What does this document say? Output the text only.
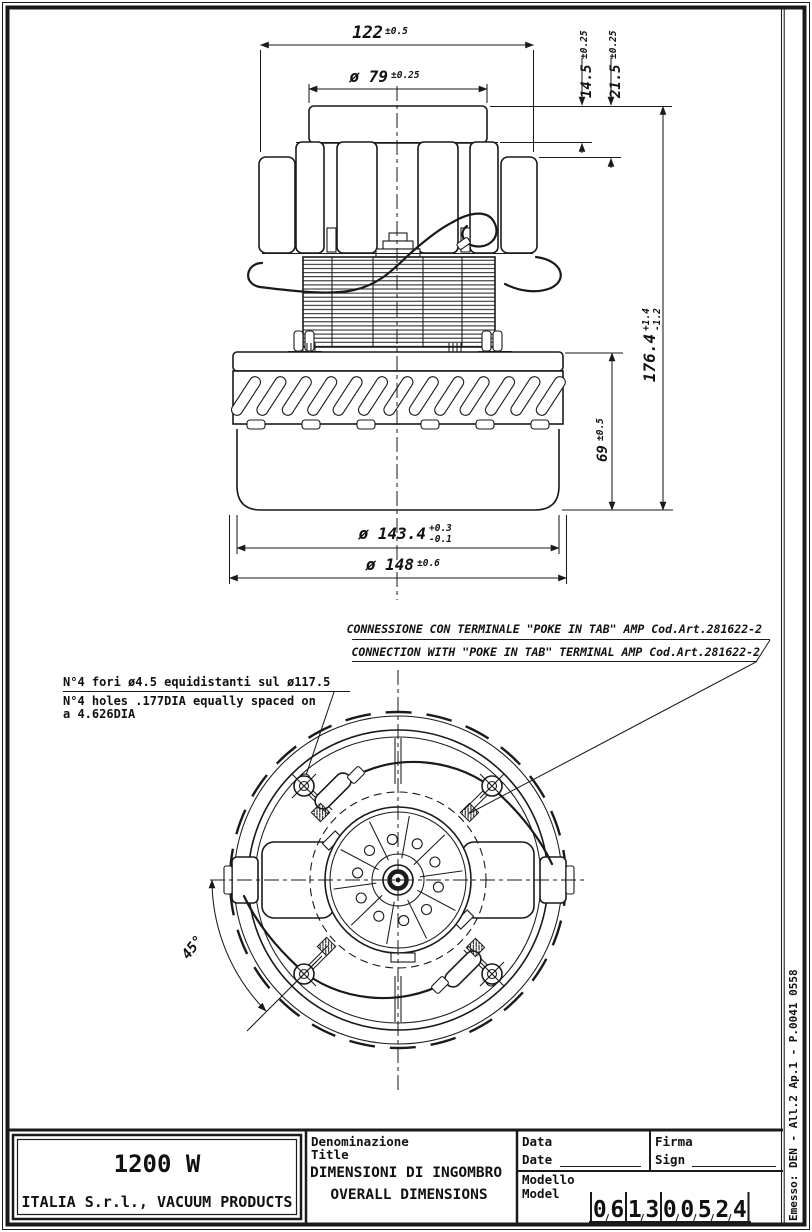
122 ±0.5
ø 79 ±0.25	14.5
±0.25
21.5
±0.25
176.4
+1.4 -1.2
69
±0.5
ø 143.4 +0.3
-0.1
ø 148 ±0.6
CONNESSIONE CON TERMINALE "POKE IN TAB" AMP Cod.Art.281622-2
CONNECTION WITH "POKE IN TAB" TERMINAL AMP Cod.Art.281622-2
N°4 fori ø4.5 equidistanti sul ø117.5
N°4 holes .177DIA equally spaced on
a 4.626DIA
45°
1200 W
ITALIA S.r.l., VACUUM PRODUCTS
Denominazione
Title
DIMENSIONI DI INGOMBRO
OVERALL DIMENSIONS
Data
Date
Firma
Sign
Modello
Model
0 6 1 3 0 0 5 2 4	Emesso: DEN - All.2 Ap.1 - P.0041 0558
